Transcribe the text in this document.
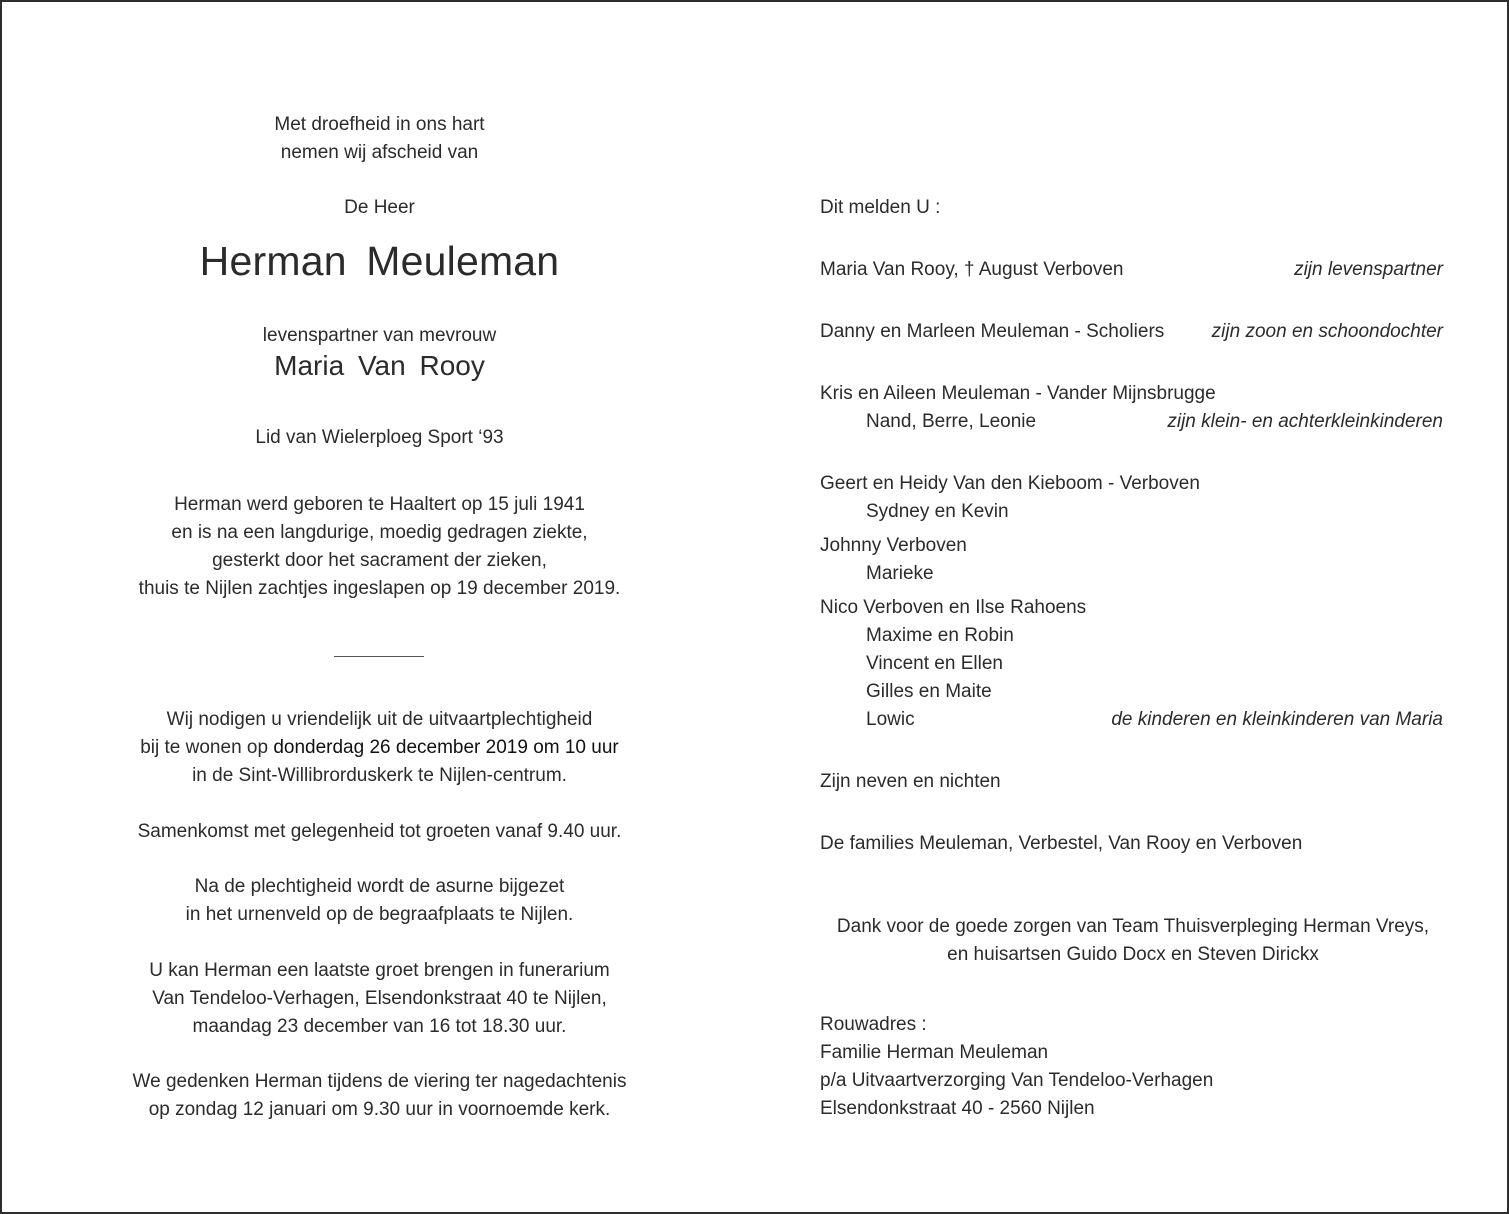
Met droefheid in ons hart
nemen wij afscheid van
De Heer
Herman Meuleman
levenspartner van mevrouw
Maria Van Rooy
Lid van Wielerploeg Sport ‘93
Herman werd geboren te Haaltert op 15 juli 1941
en is na een langdurige, moedig gedragen ziekte,
gesterkt door het sacrament der zieken,
thuis te Nijlen zachtjes ingeslapen op 19 december 2019.
Wij nodigen u vriendelijk uit de uitvaartplechtigheid
bij te wonen op donderdag 26 december 2019 om 10 uur
in de Sint-Willibrorduskerk te Nijlen-centrum.
Samenkomst met gelegenheid tot groeten vanaf 9.40 uur.
Na de plechtigheid wordt de asurne bijgezet
in het urnenveld op de begraafplaats te Nijlen.
U kan Herman een laatste groet brengen in funerarium
Van Tendeloo-Verhagen, Elsendonkstraat 40 te Nijlen,
maandag 23 december van 16 tot 18.30 uur.
We gedenken Herman tijdens de viering ter nagedachtenis
op zondag 12 januari om 9.30 uur in voornoemde kerk.
Dit melden U :
Maria Van Rooy, † August Verboven	zijn levenspartner
Danny en Marleen Meuleman - Scholiers zijn zoon en schoondochter
Kris en Aileen Meuleman - Vander Mijnsbrugge
Nand, Berre, Leonie	zijn klein- en achterkleinkinderen
Geert en Heidy Van den Kieboom - Verboven
Sydney en Kevin
Johnny Verboven
Marieke
Nico Verboven en Ilse Rahoens
Maxime en Robin
Vincent en Ellen
Gilles en Maite
Lowic	de kinderen en kleinkinderen van Maria
Zijn neven en nichten
De families Meuleman, Verbestel, Van Rooy en Verboven
Dank voor de goede zorgen van Team Thuisverpleging Herman Vreys,
en huisartsen Guido Docx en Steven Dirickx
Rouwadres :
Familie Herman Meuleman
p/a Uitvaartverzorging Van Tendeloo-Verhagen
Elsendonkstraat 40 - 2560 Nijlen
